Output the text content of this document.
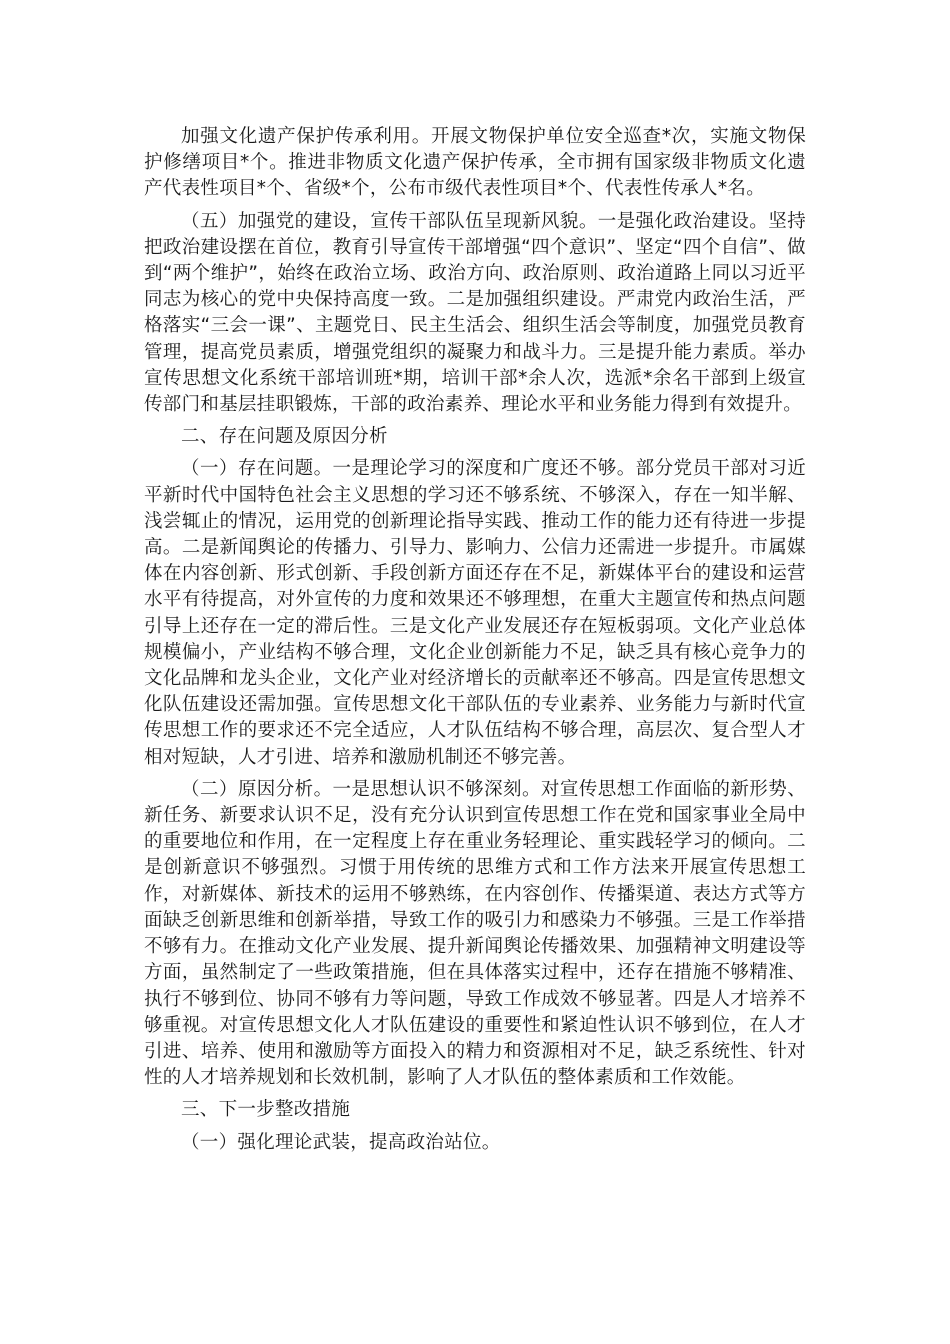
加强文化遗产保护传承利用。开展文物保护单位安全巡查*次，实施文物保护修缮项目*个。推进非物质文化遗产保护传承，全市拥有国家级非物质文化遗产代表性项目*个、省级*个，公布市级代表性项目*个、代表性传承人*名。

（五）加强党的建设，宣传干部队伍呈现新风貌。一是强化政治建设。坚持把政治建设摆在首位，教育引导宣传干部增强“四个意识”、坚定“四个自信”、做到“两个维护”，始终在政治立场、政治方向、政治原则、政治道路上同以习近平同志为核心的党中央保持高度一致。二是加强组织建设。严肃党内政治生活，严格落实“三会一课”、主题党日、民主生活会、组织生活会等制度，加强党员教育管理，提高党员素质，增强党组织的凝聚力和战斗力。三是提升能力素质。举办宣传思想文化系统干部培训班*期，培训干部*余人次，选派*余名干部到上级宣传部门和基层挂职锻炼，干部的政治素养、理论水平和业务能力得到有效提升。

二、存在问题及原因分析

（一）存在问题。一是理论学习的深度和广度还不够。部分党员干部对习近平新时代中国特色社会主义思想的学习还不够系统、不够深入，存在一知半解、浅尝辄止的情况，运用党的创新理论指导实践、推动工作的能力还有待进一步提高。二是新闻舆论的传播力、引导力、影响力、公信力还需进一步提升。市属媒体在内容创新、形式创新、手段创新方面还存在不足，新媒体平台的建设和运营水平有待提高，对外宣传的力度和效果还不够理想，在重大主题宣传和热点问题引导上还存在一定的滞后性。三是文化产业发展还存在短板弱项。文化产业总体规模偏小，产业结构不够合理，文化企业创新能力不足，缺乏具有核心竞争力的文化品牌和龙头企业，文化产业对经济增长的贡献率还不够高。四是宣传思想文化队伍建设还需加强。宣传思想文化干部队伍的专业素养、业务能力与新时代宣传思想工作的要求还不完全适应，人才队伍结构不够合理，高层次、复合型人才相对短缺，人才引进、培养和激励机制还不够完善。

（二）原因分析。一是思想认识不够深刻。对宣传思想工作面临的新形势、新任务、新要求认识不足，没有充分认识到宣传思想工作在党和国家事业全局中的重要地位和作用，在一定程度上存在重业务轻理论、重实践轻学习的倾向。二是创新意识不够强烈。习惯于用传统的思维方式和工作方法来开展宣传思想工作，对新媒体、新技术的运用不够熟练，在内容创作、传播渠道、表达方式等方面缺乏创新思维和创新举措，导致工作的吸引力和感染力不够强。三是工作举措不够有力。在推动文化产业发展、提升新闻舆论传播效果、加强精神文明建设等方面，虽然制定了一些政策措施，但在具体落实过程中，还存在措施不够精准、执行不够到位、协同不够有力等问题，导致工作成效不够显著。四是人才培养不够重视。对宣传思想文化人才队伍建设的重要性和紧迫性认识不够到位，在人才引进、培养、使用和激励等方面投入的精力和资源相对不足，缺乏系统性、针对性的人才培养规划和长效机制，影响了人才队伍的整体素质和工作效能。

三、下一步整改措施

（一）强化理论武装，提高政治站位。
